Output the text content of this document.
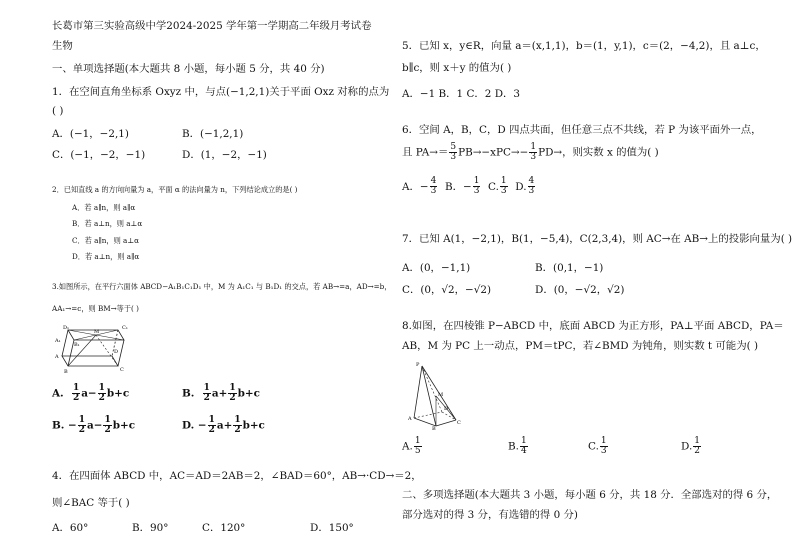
长葛市第三实验高级中学2024-2025 学年第一学期高二年级月考试卷
生物
一、单项选择题(本大题共 8 小题，每小题 5 分，共 40 分)
1．在空间直角坐标系 Oxyz 中，与点(−1,2,1)关于平面 Oxz 对称的点为
( )
A．(−1，−2,1)	B．(−1,2,1)
C．(−1，−2，−1)	D．(1，−2，−1)
2．已知直线 a 的方向向量为 a，平面 α 的法向量为 n，下列结论成立的是( )
A．若 a∥n，则 a∥α
B．若 a⊥n，则 a⊥α
C．若 a∥n，则 a⊥α
D．若 a⊥n，则 a∥α
3.如图所示，在平行六面体 ABCD−A₁B₁C₁D₁ 中，M 为 A₁C₁ 与 B₁D₁ 的交点，若 AB→=a，AD→=b，
AA₁→=c，则 BM→等于( )
D₁
A₁
B₁
C₁
M
D
A
B	C
A. $\frac{1}{2} a- \frac{1}{2} b+c$	B. $\frac{1}{2} a+ \frac{1}{2} b+c$
B. − $\frac{1}{2} a- \frac{1}{2} b+c$	D. − $\frac{1}{2} a+ \frac{1}{2} b+c$
4．在四面体 ABCD 中，AC＝AD＝2AB＝2，∠BAD＝60°，AB→·CD→＝2，
则∠BAC 等于( )
A．60°	B．90°	C．120°	D．150°
5．已知 x，y∈R，向量 a＝(x,1,1)，b＝(1，y,1)，c＝(2，−4,2)，且 a⊥c，
b∥c，则 x＋y 的值为( )
A．−1 B．1 C．2 D．3
6．空间 A，B，C，D 四点共面，但任意三点不共线，若 P 为该平面外一点，
且 $PA\to= \frac{5}{3} PB\to-xPC\to- \frac{1}{3} PD\to$，则实数 x 的值为( )
A．− $\frac{4}{3}$ B．− $\frac{1}{3} C$. $\frac{1}{3} D$. $\frac{4}{3}$
7．已知 A(1，−2,1)，B(1，−5,4)，C(2,3,4)，则 AC→在 AB→上的投影向量为( )
A．(0，−1,1)	B．(0,1，−1)
C．(0，√2，−√2)	D．(0，−√2，√2)
8.如图，在四棱锥 P−ABCD 中，底面 ABCD 为正方形，PA⊥平面 ABCD，PA＝
AB，M 为 PC 上一动点，PM＝tPC，若∠BMD 为钝角，则实数 t 可能为( )
P
M
A
B
C
D
A. $\frac{1}{5}$	B. $\frac{1}{4}$	C. $\frac{1}{3}$	D. $\frac{1}{2}$
二、多项选择题(本大题共 3 小题，每小题 6 分，共 18 分．全部选对的得 6 分，
部分选对的得 3 分，有选错的得 0 分)
